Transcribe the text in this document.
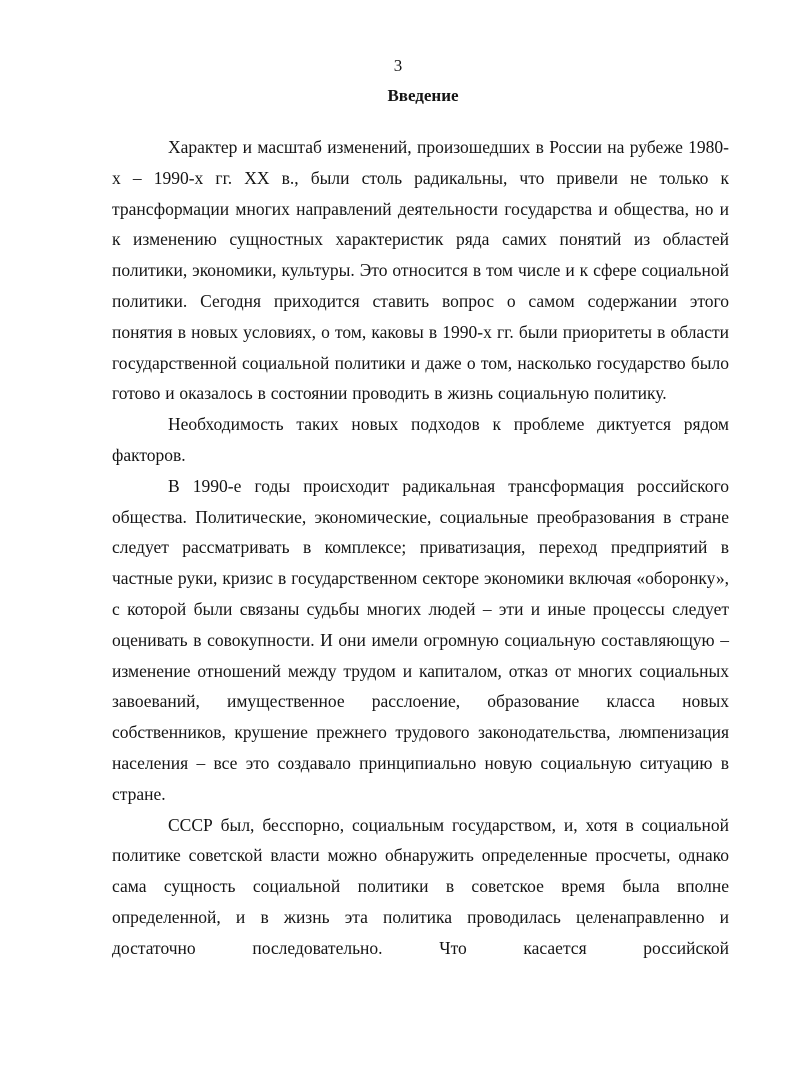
3
Введение

Характер и масштаб изменений, произошедших в России на рубеже 1980-х – 1990-х гг. XX в., были столь радикальны, что привели не только к трансформации многих направлений деятельности государства и общества, но и к изменению сущностных характеристик ряда самих понятий из областей политики, экономики, культуры. Это относится в том числе и к сфере социальной политики. Сегодня приходится ставить вопрос о самом содержании этого понятия в новых условиях, о том, каковы в 1990-х гг. были приоритеты в области государственной социальной политики и даже о том, насколько государство было готово и оказалось в состоянии проводить в жизнь социальную политику.

Необходимость таких новых подходов к проблеме диктуется рядом факторов.

В 1990-е годы происходит радикальная трансформация российского общества. Политические, экономические, социальные преобразования в стране следует рассматривать в комплексе; приватизация, переход предприятий в частные руки, кризис в государственном секторе экономики включая «оборонку», с которой были связаны судьбы многих людей – эти и иные процессы следует оценивать в совокупности. И они имели огромную социальную составляющую – изменение отношений между трудом и капиталом, отказ от многих социальных завоеваний, имущественное расслоение, образование класса новых собственников, крушение прежнего трудового законодательства, люмпенизация населения – все это создавало принципиально новую социальную ситуацию в стране.

СССР был, бесспорно, социальным государством, и, хотя в социальной политике советской власти можно обнаружить определенные просчеты, однако сама сущность социальной политики в советское время была вполне определенной, и в жизнь эта политика проводилась целенаправленно и достаточно последовательно. Что касается российской
